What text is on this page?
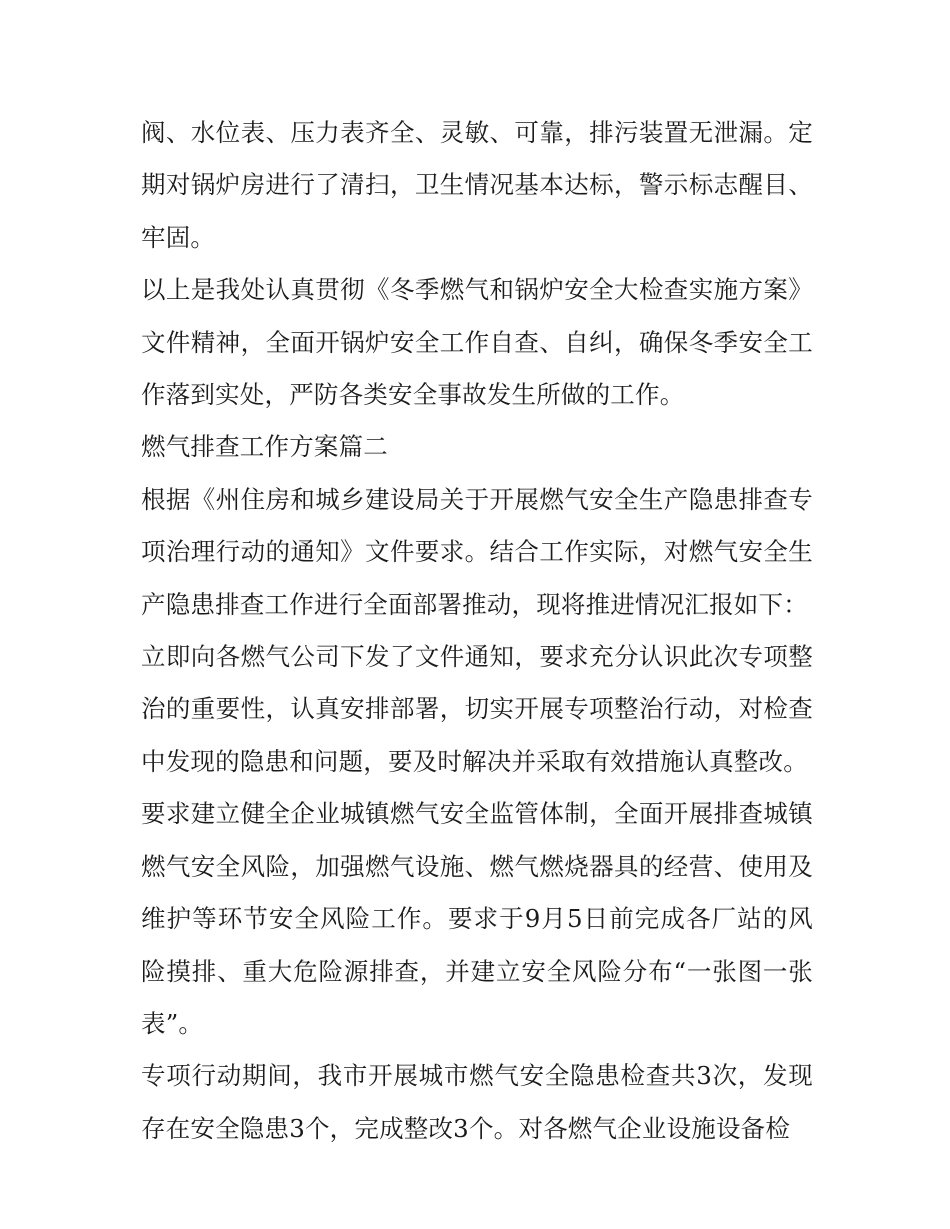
阀、水位表、压力表齐全、灵敏、可靠，排污装置无泄漏。定期对锅炉房进行了清扫，卫生情况基本达标，警示标志醒目、牢固。

以上是我处认真贯彻《冬季燃气和锅炉安全大检查实施方案》文件精神，全面开锅炉安全工作自查、自纠，确保冬季安全工作落到实处，严防各类安全事故发生所做的工作。

燃气排查工作方案篇二

根据《州住房和城乡建设局关于开展燃气安全生产隐患排查专项治理行动的通知》文件要求。结合工作实际，对燃气安全生产隐患排查工作进行全面部署推动，现将推进情况汇报如下：

立即向各燃气公司下发了文件通知，要求充分认识此次专项整治的重要性，认真安排部署，切实开展专项整治行动，对检查中发现的隐患和问题，要及时解决并采取有效措施认真整改。

要求建立健全企业城镇燃气安全监管体制，全面开展排查城镇燃气安全风险，加强燃气设施、燃气燃烧器具的经营、使用及维护等环节安全风险工作。要求于9月5日前完成各厂站的风险摸排、重大危险源排查，并建立安全风险分布“一张图一张表”。

专项行动期间，我市开展城市燃气安全隐患检查共3次，发现存在安全隐患3个，完成整改3个。对各燃气企业设施设备检
